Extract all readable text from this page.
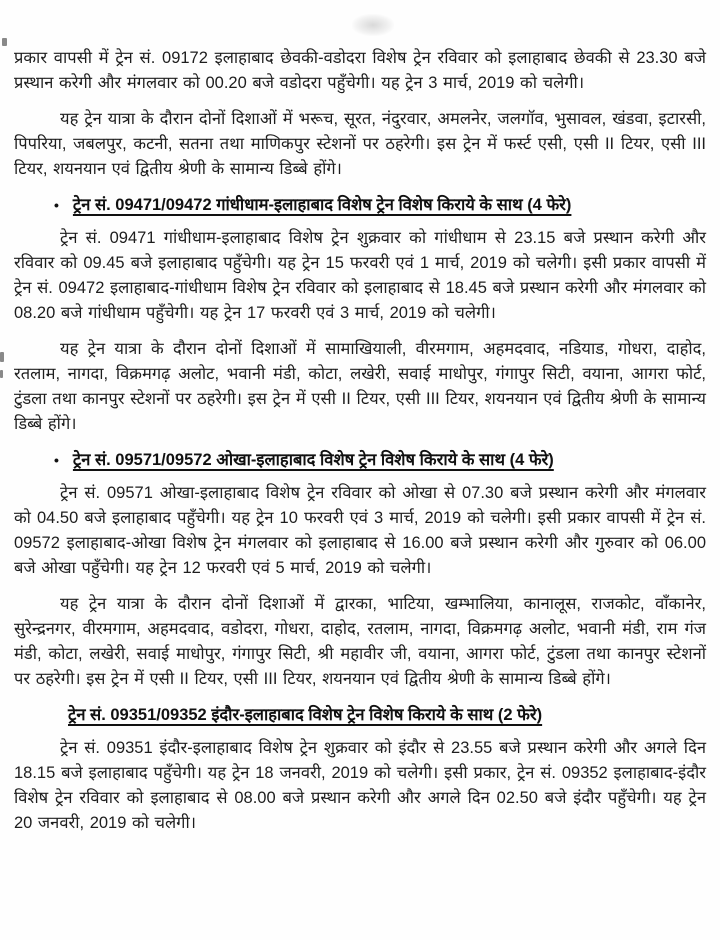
प्रकार वापसी में ट्रेन सं. 09172 इलाहाबाद छेवकी-वडोदरा विशेष ट्रेन रविवार को इलाहाबाद छेवकी से 23.30 बजे प्रस्थान करेगी और मंगलवार को 00.20 बजे वडोदरा पहुँचेगी। यह ट्रेन 3 मार्च, 2019 को चलेगी।

यह ट्रेन यात्रा के दौरान दोनों दिशाओं में भरूच, सूरत, नंदुरवार, अमलनेर, जलगॉव, भुसावल, खंडवा, इटारसी, पिपरिया, जबलपुर, कटनी, सतना तथा माणिकपुर स्टेशनों पर ठहरेगी। इस ट्रेन में फर्स्ट एसी, एसी II टियर, एसी III टियर, शयनयान एवं द्वितीय श्रेणी के सामान्य डिब्बे होंगे।

• ट्रेन सं. 09471/09472 गांधीधाम-इलाहाबाद विशेष ट्रेन विशेष किराये के साथ (4 फेरे)

ट्रेन सं. 09471 गांधीधाम-इलाहाबाद विशेष ट्रेन शुक्रवार को गांधीधाम से 23.15 बजे प्रस्थान करेगी और रविवार को 09.45 बजे इलाहाबाद पहुँचेगी। यह ट्रेन 15 फरवरी एवं 1 मार्च, 2019 को चलेगी। इसी प्रकार वापसी में ट्रेन सं. 09472 इलाहाबाद-गांधीधाम विशेष ट्रेन रविवार को इलाहाबाद से 18.45 बजे प्रस्थान करेगी और मंगलवार को 08.20 बजे गांधीधाम पहुँचेगी। यह ट्रेन 17 फरवरी एवं 3 मार्च, 2019 को चलेगी।

यह ट्रेन यात्रा के दौरान दोनों दिशाओं में सामाखियाली, वीरमगाम, अहमदवाद, नडियाड, गोधरा, दाहोद, रतलाम, नागदा, विक्रमगढ़ अलोट, भवानी मंडी, कोटा, लखेरी, सवाई माधोपुर, गंगापुर सिटी, वयाना, आगरा फोर्ट, टुंडला तथा कानपुर स्टेशनों पर ठहरेगी। इस ट्रेन में एसी II टियर, एसी III टियर, शयनयान एवं द्वितीय श्रेणी के सामान्य डिब्बे होंगे।

• ट्रेन सं. 09571/09572 ओखा-इलाहाबाद विशेष ट्रेन विशेष किराये के साथ (4 फेरे)

ट्रेन सं. 09571 ओखा-इलाहाबाद विशेष ट्रेन रविवार को ओखा से 07.30 बजे प्रस्थान करेगी और मंगलवार को 04.50 बजे इलाहाबाद पहुँचेगी। यह ट्रेन 10 फरवरी एवं 3 मार्च, 2019 को चलेगी। इसी प्रकार वापसी में ट्रेन सं. 09572 इलाहाबाद-ओखा विशेष ट्रेन मंगलवार को इलाहाबाद से 16.00 बजे प्रस्थान करेगी और गुरुवार को 06.00 बजे ओखा पहुँचेगी। यह ट्रेन 12 फरवरी एवं 5 मार्च, 2019 को चलेगी।

यह ट्रेन यात्रा के दौरान दोनों दिशाओं में द्वारका, भाटिया, खम्भालिया, कानालूस, राजकोट, वॉंकानेर, सुरेन्द्रनगर, वीरमगाम, अहमदवाद, वडोदरा, गोधरा, दाहोद, रतलाम, नागदा, विक्रमगढ़ अलोट, भवानी मंडी, राम गंज मंडी, कोटा, लखेरी, सवाई माधोपुर, गंगापुर सिटी, श्री महावीर जी, वयाना, आगरा फोर्ट, टुंडला तथा कानपुर स्टेशनों पर ठहरेगी। इस ट्रेन में एसी II टियर, एसी III टियर, शयनयान एवं द्वितीय श्रेणी के सामान्य डिब्बे होंगे।

ट्रेन सं. 09351/09352 इंदौर-इलाहाबाद विशेष ट्रेन विशेष किराये के साथ (2 फेरे)

ट्रेन सं. 09351 इंदौर-इलाहाबाद विशेष ट्रेन शुक्रवार को इंदौर से 23.55 बजे प्रस्थान करेगी और अगले दिन 18.15 बजे इलाहाबाद पहुँचेगी। यह ट्रेन 18 जनवरी, 2019 को चलेगी। इसी प्रकार, ट्रेन सं. 09352 इलाहाबाद-इंदौर विशेष ट्रेन रविवार को इलाहाबाद से 08.00 बजे प्रस्थान करेगी और अगले दिन 02.50 बजे इंदौर पहुँचेगी। यह ट्रेन 20 जनवरी, 2019 को चलेगी।
